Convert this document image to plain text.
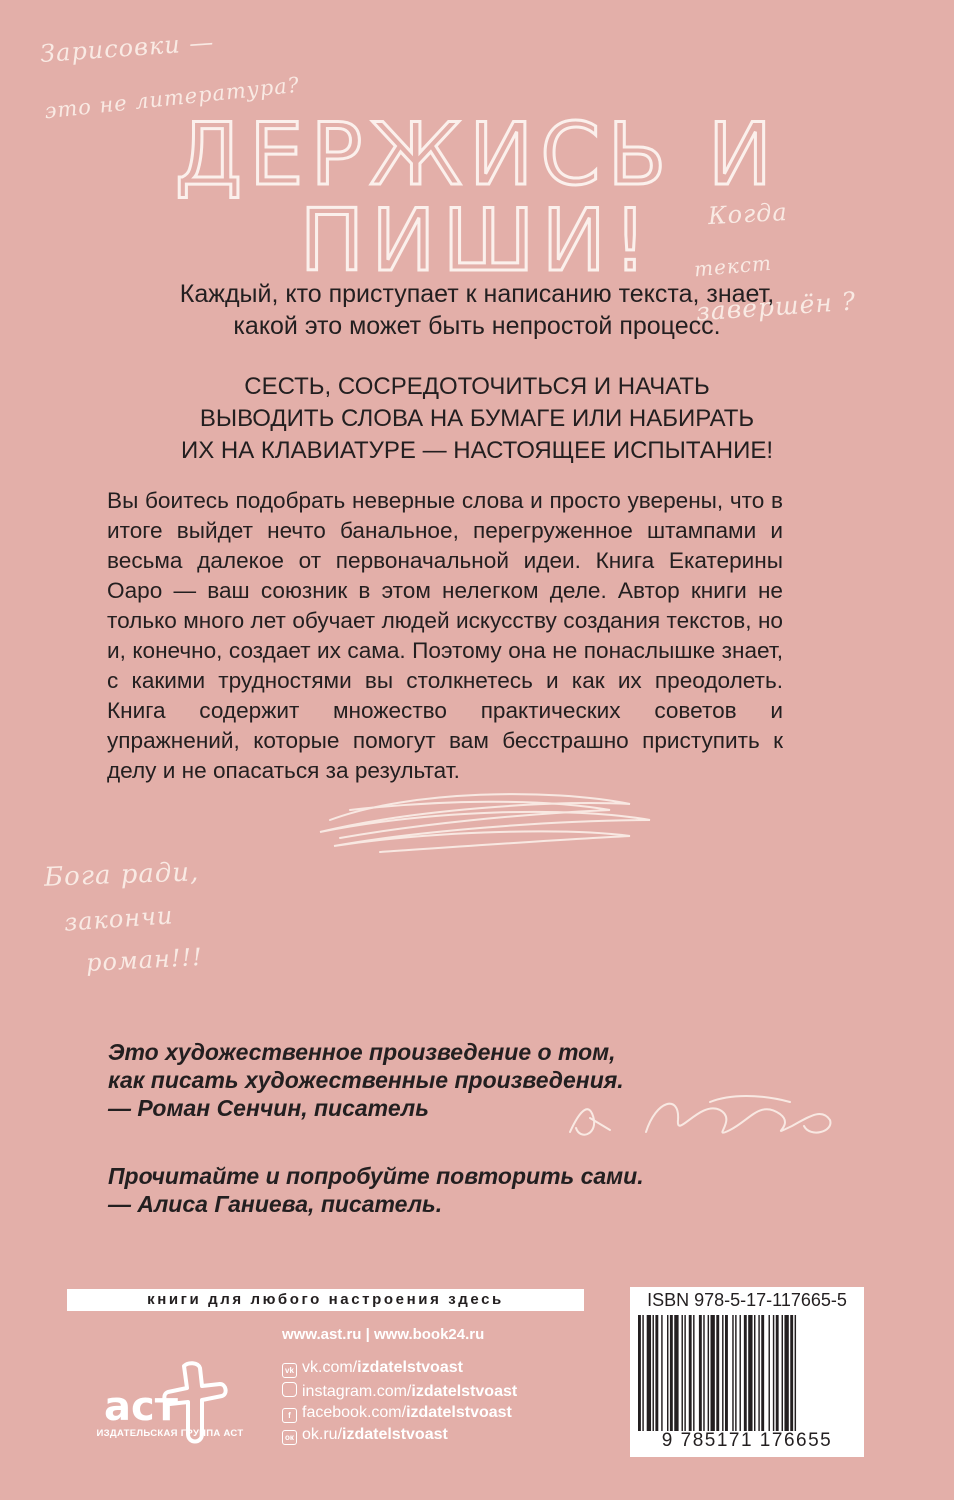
Зарисовки —
это не литература?
Когда
текст
завершён ?
Бога ради,
закончи
роман!!!
ДЕРЖИСЬ И ПИШИ!
Каждый, кто приступает к написанию текста, знает,
какой это может быть непростой процесс.
СЕСТЬ, СОСРЕДОТОЧИТЬСЯ И НАЧАТЬ
ВЫВОДИТЬ СЛОВА НА БУМАГЕ ИЛИ НАБИРАТЬ
ИХ НА КЛАВИАТУРЕ — НАСТОЯЩЕЕ ИСПЫТАНИЕ!

Вы боитесь подобрать неверные слова и просто уверены, что в итоге выйдет нечто банальное, перегруженное штампами и весьма далекое от первоначальной идеи. Книга Екатерины Оаро — ваш союзник в этом нелегком деле. Автор книги не только много лет обучает людей искусству создания текстов, но и, конечно, создает их сама. Поэтому она не понаслышке знает, с какими трудностями вы столкнетесь и как их преодолеть. Книга содержит множество практических советов и упражнений, которые помогут вам бесстрашно приступить к делу и не опасаться за результат.

Это художественное произведение о том,
как писать художественные произведения.

— Роман Сенчин, писатель
Прочитайте и попробуйте повторить сами.

— Алиса Ганиева, писатель.
книги для любого настроения здесь
аст
ИЗДАТЕЛЬСКАЯ ГРУППА АСТ
www.ast.ru | www.book24.ru
vk vk.com/izdatelstvoast
instagram.com/izdatelstvoast
f facebook.com/izdatelstvoast
ок ok.ru/izdatelstvoast
ISBN 978-5-17-117665-5
9 785171 176655
